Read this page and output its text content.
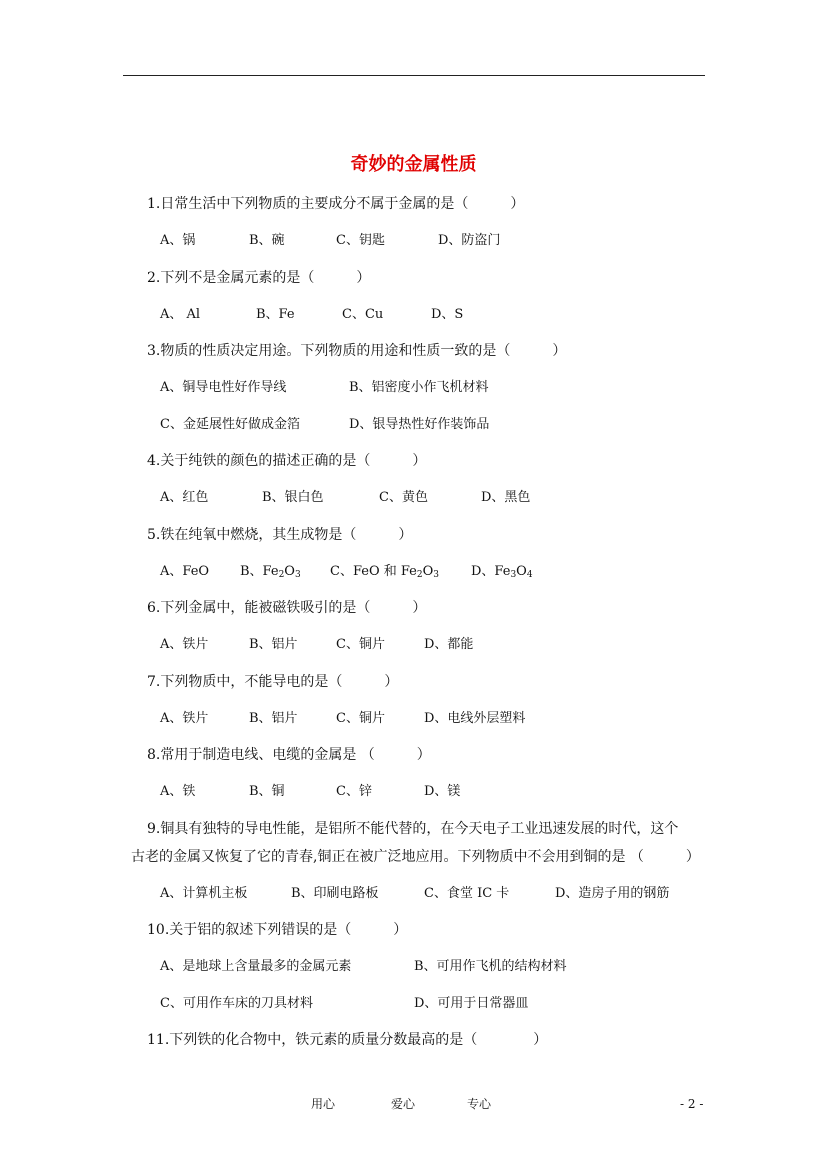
奇妙的金属性质
1.日常生活中下列物质的主要成分不属于金属的是（　　　）
A、锅	B、碗	C、钥匙	D、防盗门
2.下列不是金属元素的是（　　　）
A、 Al	B、Fe	C、Cu	D、S
3.物质的性质决定用途。下列物质的用途和性质一致的是（　　　）
A、铜导电性好作导线	B、铝密度小作飞机材料
C、金延展性好做成金箔	D、银导热性好作装饰品
4.关于纯铁的颜色的描述正确的是（　　　）
A、红色	B、银白色	C、黄色	D、黑色
5.铁在纯氧中燃烧，其生成物是（　　　）
A、FeO B、$Fe_2O_3$ C、FeO 和 $Fe_2O_3$ D、$Fe_3O_4$
6.下列金属中，能被磁铁吸引的是（　　　）
A、铁片	B、铝片	C、铜片	D、都能
7.下列物质中，不能导电的是（　　　）
A、铁片	B、铝片	C、铜片	D、电线外层塑料
8.常用于制造电线、电缆的金属是 （　　　）
A、铁	B、铜	C、锌	D、镁
9.铜具有独特的导电性能，是铝所不能代替的，在今天电子工业迅速发展的时代，这个
古老的金属又恢复了它的青春,铜正在被广泛地应用。下列物质中不会用到铜的是 （　　　）
A、计算机主板	B、印刷电路板	C、食堂 IC 卡	D、造房子用的钢筋
10.关于铝的叙述下列错误的是（　　　）
A、是地球上含量最多的金属元素	B、可用作飞机的结构材料
C、可用作车床的刀具材料	D、可用于日常器皿
11.下列铁的化合物中，铁元素的质量分数最高的是（　　　　）
用心	爱心	专心	- 2 -
